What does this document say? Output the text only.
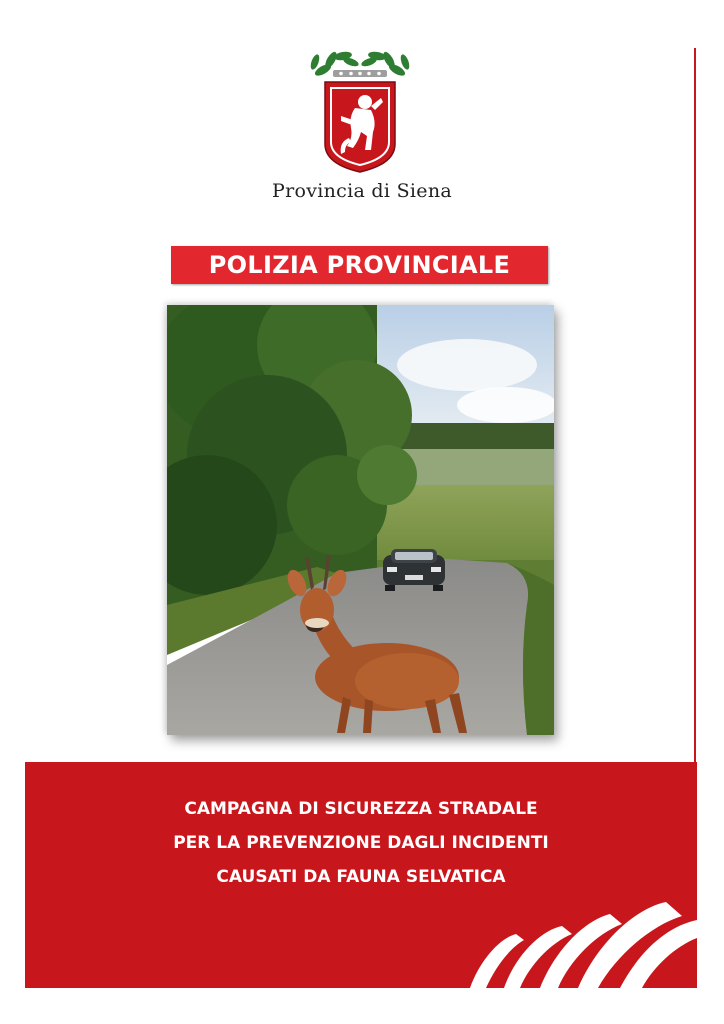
Provincia di Siena
POLIZIA PROVINCIALE
CAMPAGNA DI SICUREZZA STRADALE
PER LA PREVENZIONE DAGLI INCIDENTI
CAUSATI DA FAUNA SELVATICA
